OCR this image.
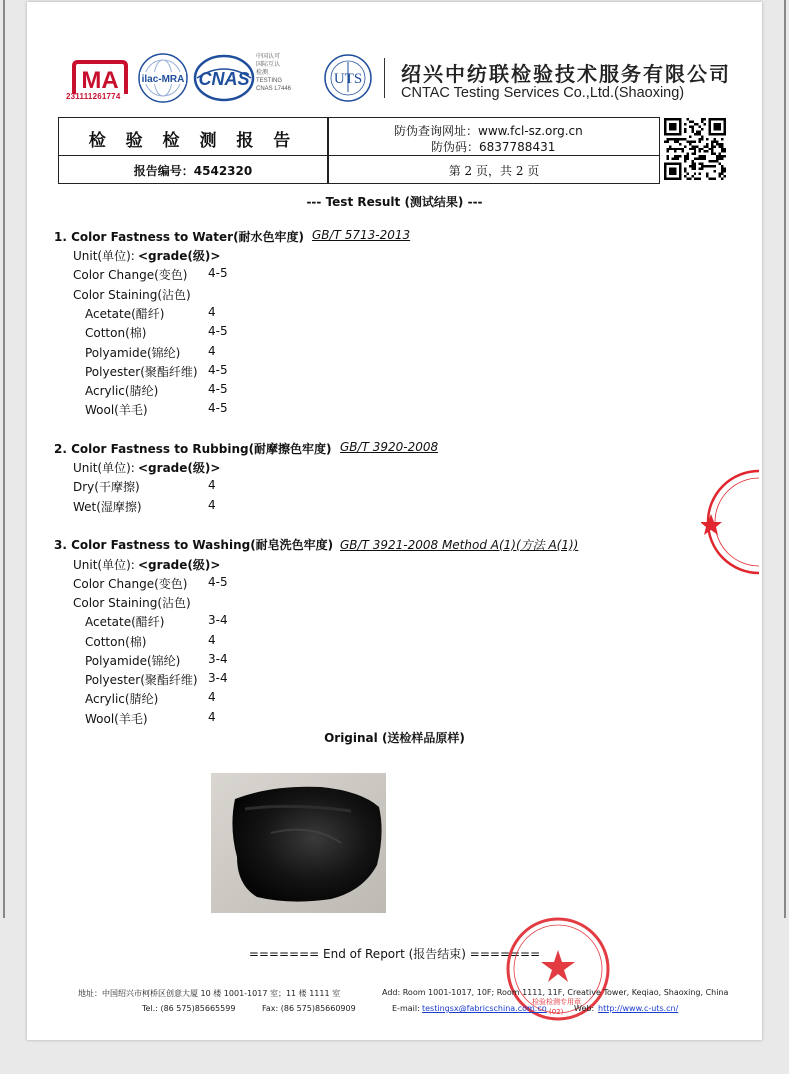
MA
231111261774
ilac-MRA CNAS
中国认可
国际互认
检测
TESTING
CNAS L7446
UTS 绍兴中纺联检验技术服务有限公司
CNTAC Testing Services Co.,Ltd.(Shaoxing)
检 验 检 测 报 告	防伪查询网址：www.fcl-sz.org.cn
防伪码：6837788431
报告编号：4542320	第 2 页，共 2 页
--- Test Result (测试结果) ---
1. Color Fastness to Water(耐水色牢度) GB/T 5713-2013
Unit(单位): <grade(级)>
Color Change(变色) 4-5
Color Staining(沾色)
Acetate(醋纤)	4
Cotton(棉)	4-5
Polyamide(锦纶) 4
Polyester(聚酯纤维) 4-5
Acrylic(腈纶)	4-5
Wool(羊毛)	4-5
2. Color Fastness to Rubbing(耐摩擦色牢度) GB/T 3920-2008
Unit(单位): <grade(级)>
Dry(干摩擦)	4
Wet(湿摩擦)	4
3. Color Fastness to Washing(耐皂洗色牢度) GB/T 3921-2008 Method A(1)(方法 A(1))
Unit(单位): <grade(级)>
Color Change(变色) 4-5
Color Staining(沾色)
Acetate(醋纤)	3-4
Cotton(棉)	4
Polyamide(锦纶) 3-4
Polyester(聚酯纤维) 3-4
Acrylic(腈纶)	4
Wool(羊毛)	4
Original (送检样品原样)
======= End of Report (报告结束) =======
检验检测专用章
(02)
地址：中国绍兴市柯桥区创意大厦 10 楼 1001-1017 室；11 楼 1111 室	Add: Room 1001-1017, 10F; Room 1111, 11F, Creative Tower, Keqiao, Shaoxing, China
Tel.: (86 575)85665599	Fax: (86 575)85660909	E-mail: testingsx@fabricschina.com.cn	Web: http://www.c-uts.cn/
